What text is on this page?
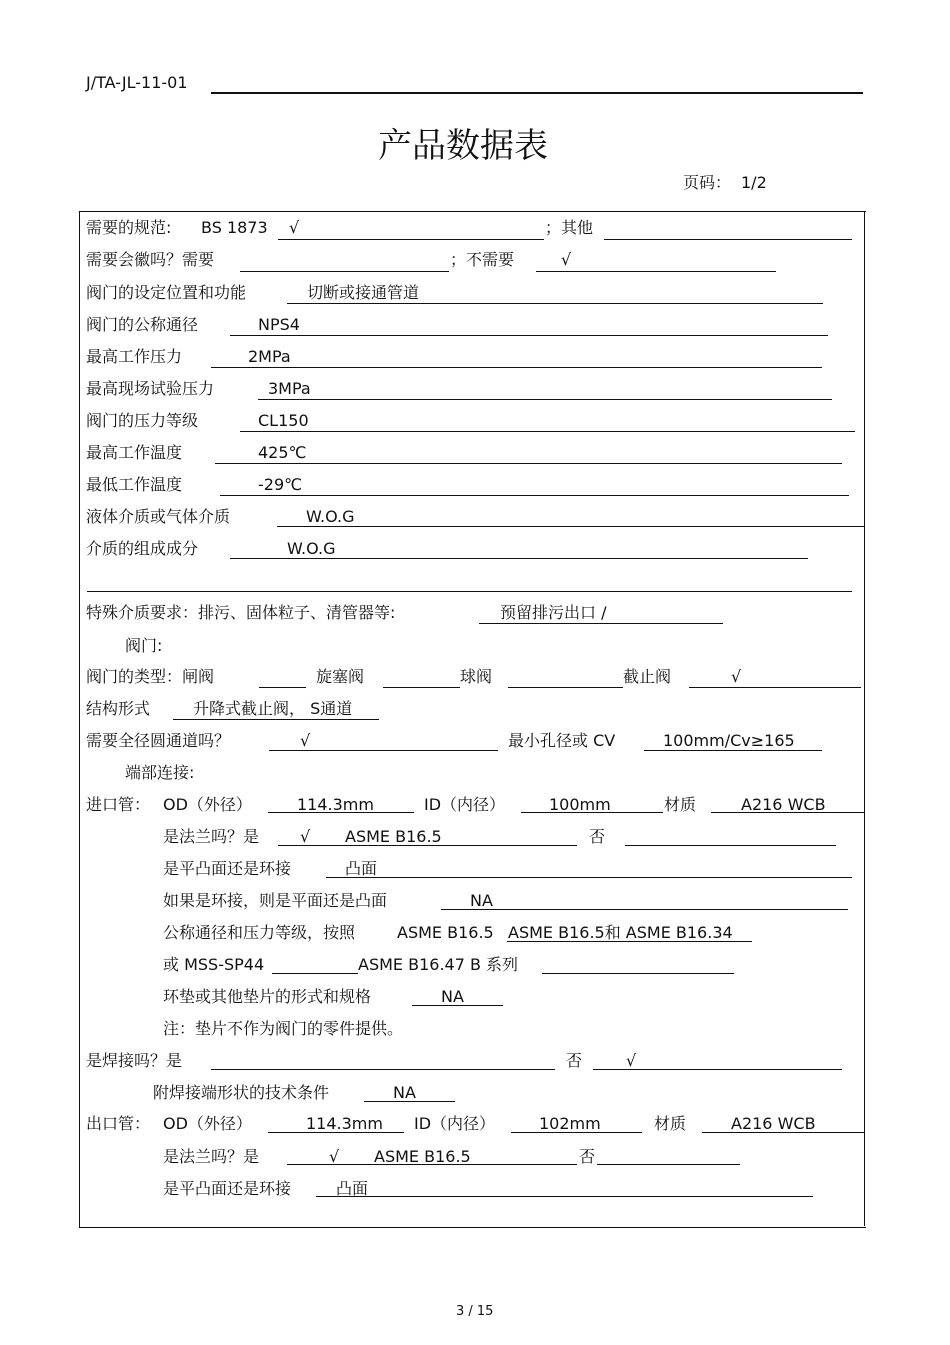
J/TA-JL-11-01
产品数据表
页码： 1/2
需要的规范: BS 1873 √	；其他
需要会徽吗？需要	；不需要	√
阀门的设定位置和功能	切断或接通管道
阀门的公称通径	NPS4
最高工作压力	2MPa
最高现场试验压力	3MPa
阀门的压力等级	CL150
最高工作温度	425℃
最低工作温度	-29℃
液体介质或气体介质	W.O.G
介质的组成成分	W.O.G
特殊介质要求：排污、固体粒子、清管器等:	预留排污出口 /
阀门:
阀门的类型：闸阀	旋塞阀	球阀	截止阀	√
结构形式	升降式截止阀， S通道
需要全径圆通道吗？	√	最小孔径或 CV	100mm/Cv≥165
端部连接:
进口管： OD（外径）	114.3mm	ID（内径）	100mm	材质	A216 WCB
是法兰吗？是	√ ASME B16.5	否
是平凸面还是环接	凸面
如果是环接，则是平面还是凸面	NA
公称通径和压力等级，按照	ASME B16.5 ASME B16.5和 ASME B16.34
或 MSS-SP44	ASME B16.47 B 系列
环垫或其他垫片的形式和规格	NA
注：垫片不作为阀门的零件提供。
是焊接吗？是	否	√
附焊接端形状的技术条件	NA
出口管： OD（外径）	114.3mm ID（内径）	102mm	材质	A216 WCB
是法兰吗？是	√ ASME B16.5	否
是平凸面还是环接	凸面
3 / 15
